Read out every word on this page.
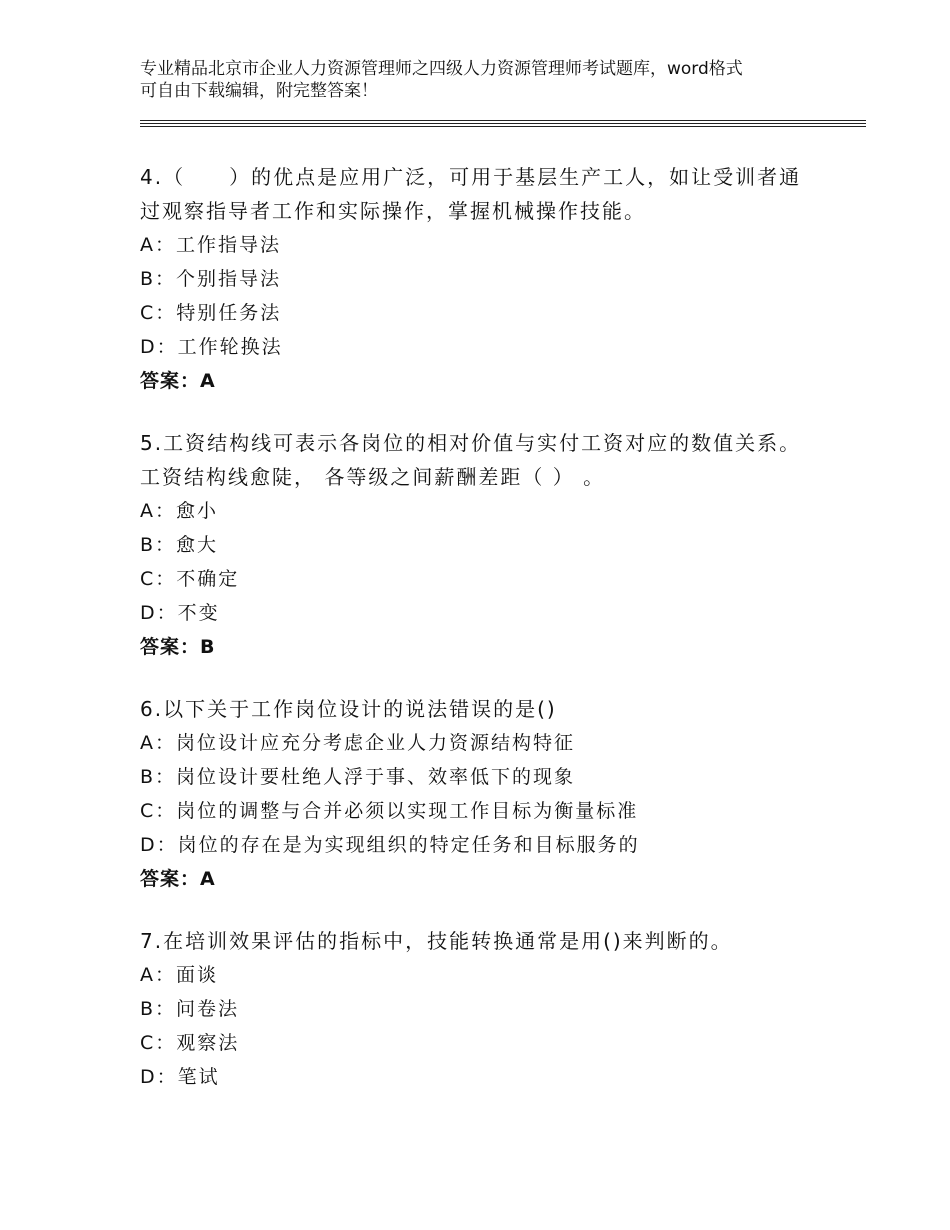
专业精品北京市企业人力资源管理师之四级人力资源管理师考试题库，word格式
可自由下载编辑，附完整答案！
4.（　　）的优点是应用广泛，可用于基层生产工人，如让受训者通
过观察指导者工作和实际操作，掌握机械操作技能。
A：工作指导法
B：个别指导法
C：特别任务法
D：工作轮换法
答案：A
5.工资结构线可表示各岗位的相对价值与实付工资对应的数值关系。
工资结构线愈陡， 各等级之间薪酬差距（ ） 。
A：愈小
B：愈大
C：不确定
D：不变
答案：B
6.以下关于工作岗位设计的说法错误的是()
A：岗位设计应充分考虑企业人力资源结构特征
B：岗位设计要杜绝人浮于事、效率低下的现象
C：岗位的调整与合并必须以实现工作目标为衡量标准
D：岗位的存在是为实现组织的特定任务和目标服务的
答案：A
7.在培训效果评估的指标中，技能转换通常是用()来判断的。
A：面谈
B：问卷法
C：观察法
D：笔试
